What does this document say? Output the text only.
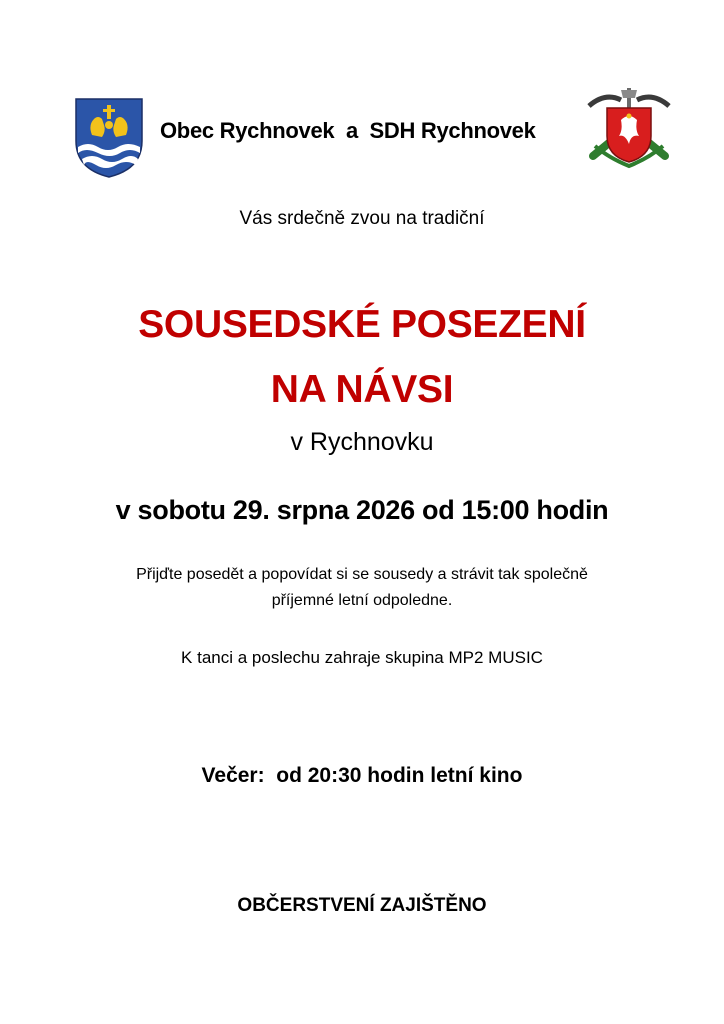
Obec Rychnovek  a  SDH Rychnovek
Vás srdečně zvou na tradiční
SOUSEDSKÉ POSEZENÍ
NA NÁVSI
v Rychnovku
v sobotu 29. srpna 2026 od 15:00 hodin
Přijďte posedět a popovídat si se sousedy a strávit tak společně
příjemné letní odpoledne.
K tanci a poslechu zahraje skupina MP2 MUSIC
Večer:  od 20:30 hodin letní kino
OBČERSTVENÍ ZAJIŠTĚNO
